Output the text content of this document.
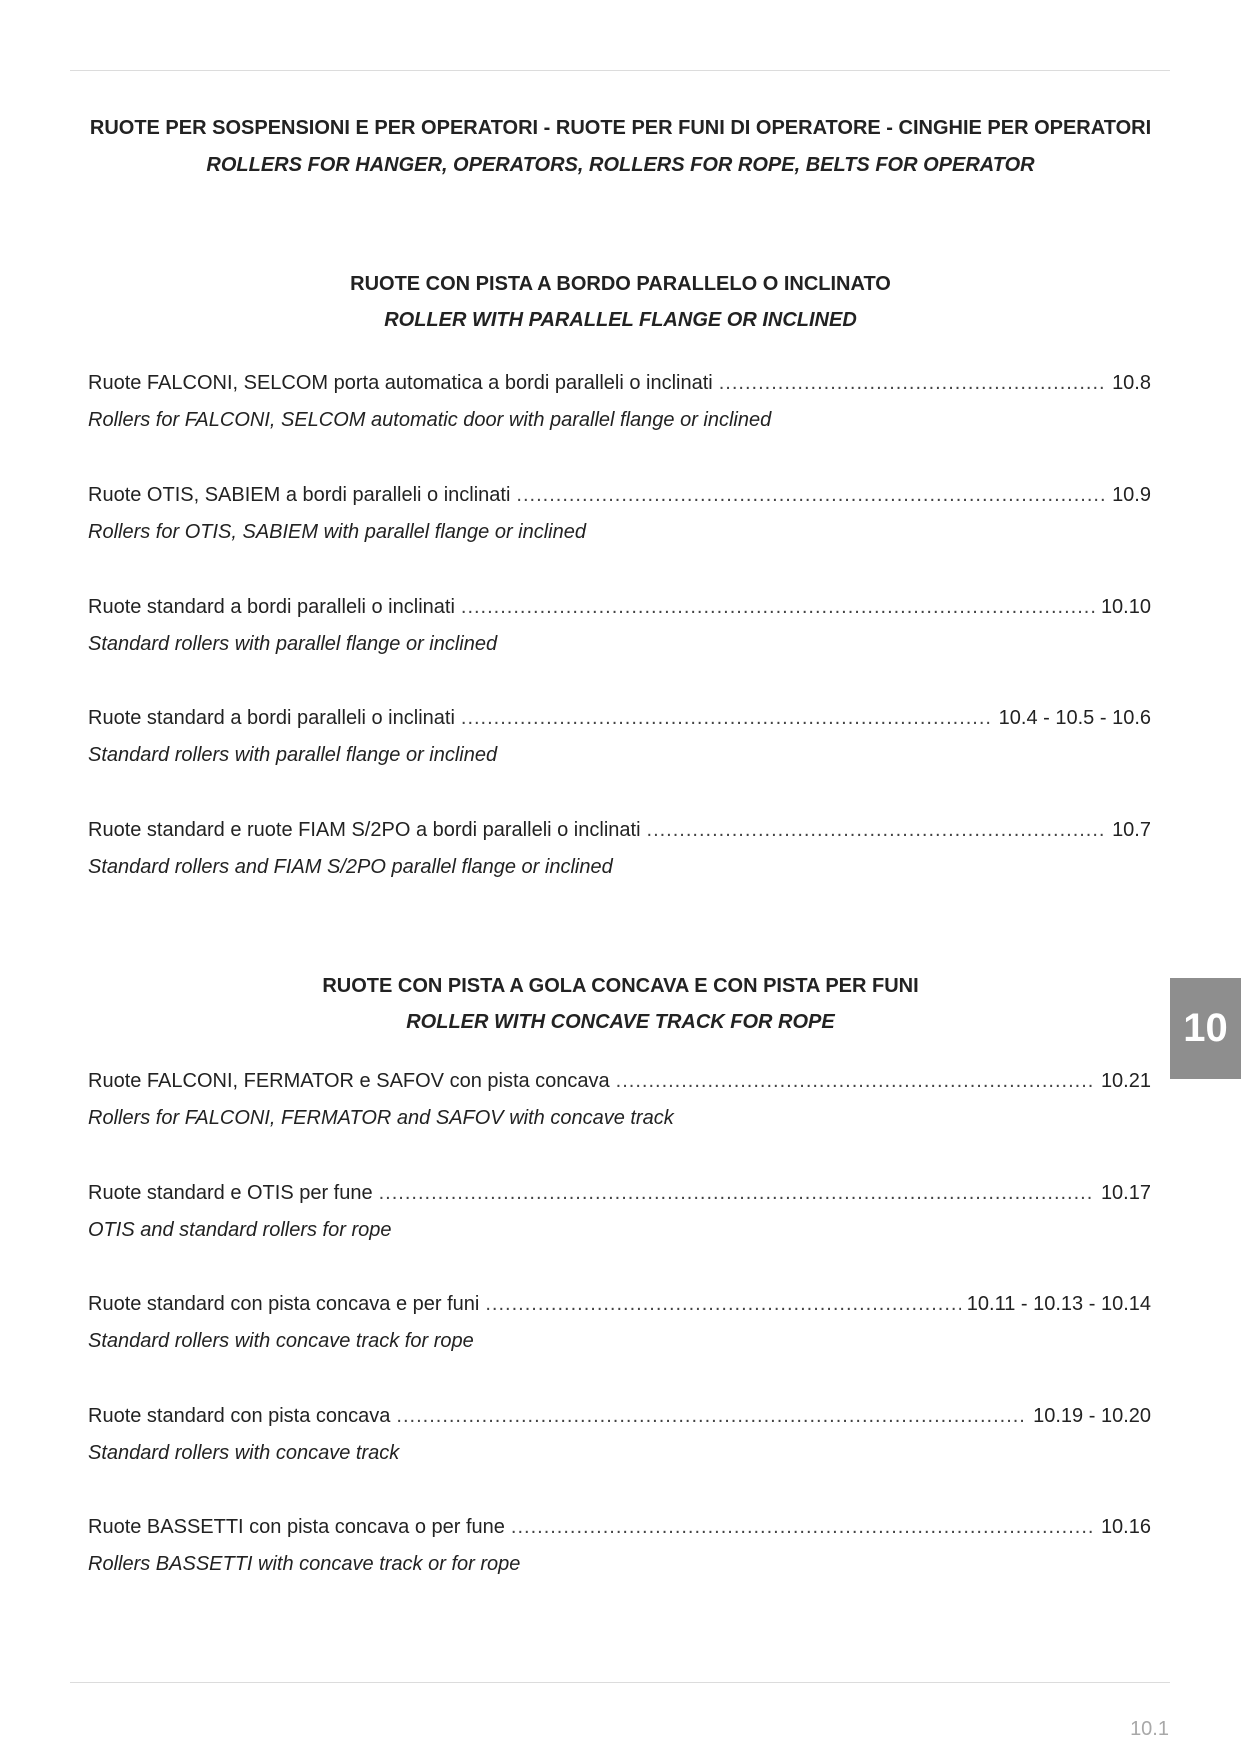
RUOTE PER SOSPENSIONI E PER OPERATORI - RUOTE PER FUNI DI OPERATORE - CINGHIE PER OPERATORI
ROLLERS FOR HANGER, OPERATORS, ROLLERS FOR ROPE, BELTS FOR OPERATOR
RUOTE CON PISTA A BORDO PARALLELO O INCLINATO
ROLLER WITH PARALLEL FLANGE OR INCLINED
Ruote FALCONI, SELCOM porta automatica a bordi paralleli o inclinati .....	10.8
Rollers for FALCONI, SELCOM automatic door with parallel flange or inclined
Ruote OTIS, SABIEM a bordi paralleli o inclinati .....	10.9
Rollers for OTIS, SABIEM with parallel flange or inclined
Ruote standard a bordi paralleli o inclinati .....	10.10
Standard rollers with parallel flange or inclined
Ruote standard a bordi paralleli o inclinati .....	10.4 - 10.5 - 10.6
Standard rollers with parallel flange or inclined
Ruote standard e ruote FIAM S/2PO a bordi paralleli o inclinati .....	10.7
Standard rollers and FIAM S/2PO parallel flange or inclined
RUOTE CON PISTA A GOLA CONCAVA E CON PISTA PER FUNI
ROLLER WITH CONCAVE TRACK FOR ROPE
Ruote FALCONI, FERMATOR e SAFOV con pista concava .....	10.21
Rollers for FALCONI, FERMATOR and SAFOV with concave track
Ruote standard e OTIS per fune .....	10.17
OTIS and standard rollers for rope
Ruote standard con pista concava e per funi .....	10.11 - 10.13 - 10.14
Standard rollers with concave track for rope
Ruote standard con pista concava .....	10.19 - 10.20
Standard rollers with concave track
Ruote BASSETTI con pista concava o per fune .....	10.16
Rollers BASSETTI with concave track or for rope
10
10.1
